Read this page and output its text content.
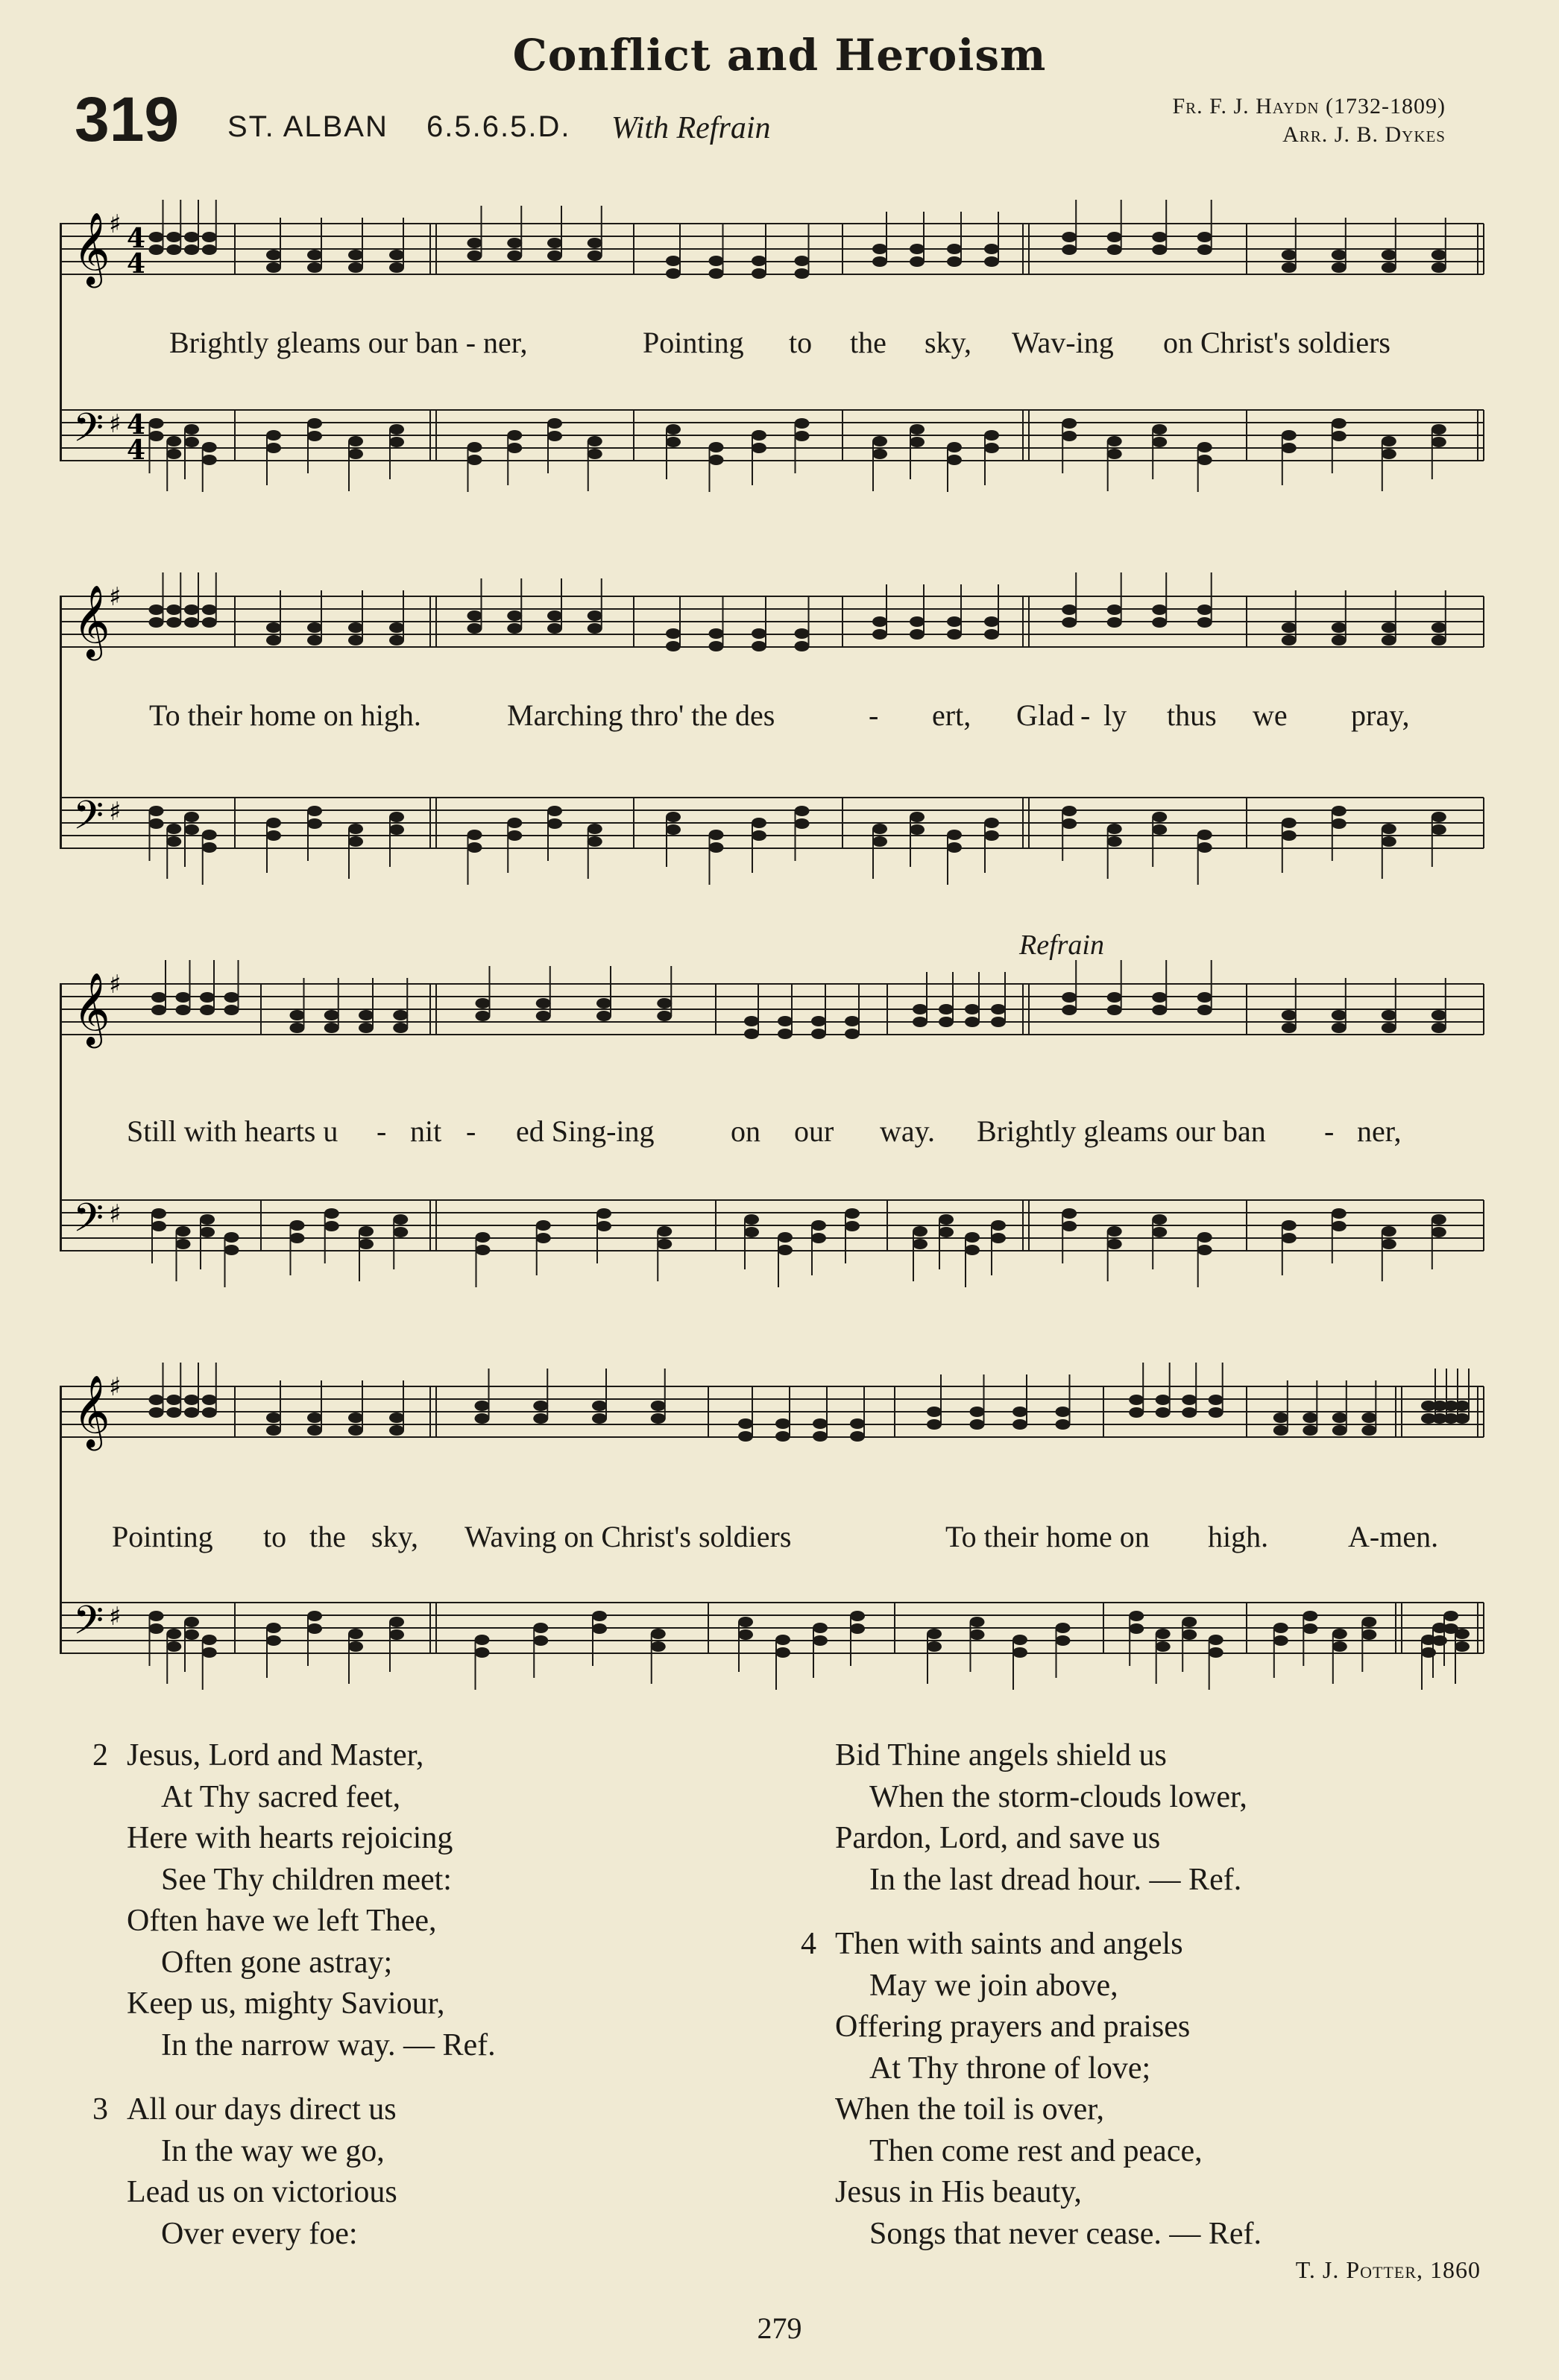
Conflict and Heroism
319 ST. ALBAN 6.5.6.5.D. With Refrain
Fr. F. J. Haydn (1732-1809)
Arr. J. B. Dykes
𝄞
𝄢
♯
♯
4
4
4
4
Brightly gleams our ban - ner,	Pointing to the sky, Wav-ing on Christ's soldiers
𝄞
𝄢
♯
♯
To their home on high.	Marching thro' the des	- ert, Glad - ly thus we pray,
Refrain
𝄞
𝄢
♯
♯
Still with hearts u - nit - ed Sing-ing	on our way. Brightly gleams our ban - ner,
𝄞
𝄢
♯
♯
Pointing to the sky, Waving on Christ's soldiers	To their home on high.	A-men.
2 Jesus, Lord and Master,
At Thy sacred feet,
Here with hearts rejoicing
See Thy children meet:
Often have we left Thee,
Often gone astray;
Keep us, mighty Saviour,
In the narrow way. — Ref.
3 All our days direct us
In the way we go,
Lead us on victorious
Over every foe:
Bid Thine angels shield us
When the storm-clouds lower,
Pardon, Lord, and save us
In the last dread hour. — Ref.
4 Then with saints and angels
May we join above,
Offering prayers and praises
At Thy throne of love;
When the toil is over,
Then come rest and peace,
Jesus in His beauty,
Songs that never cease. — Ref.
T. J. Potter, 1860
279
